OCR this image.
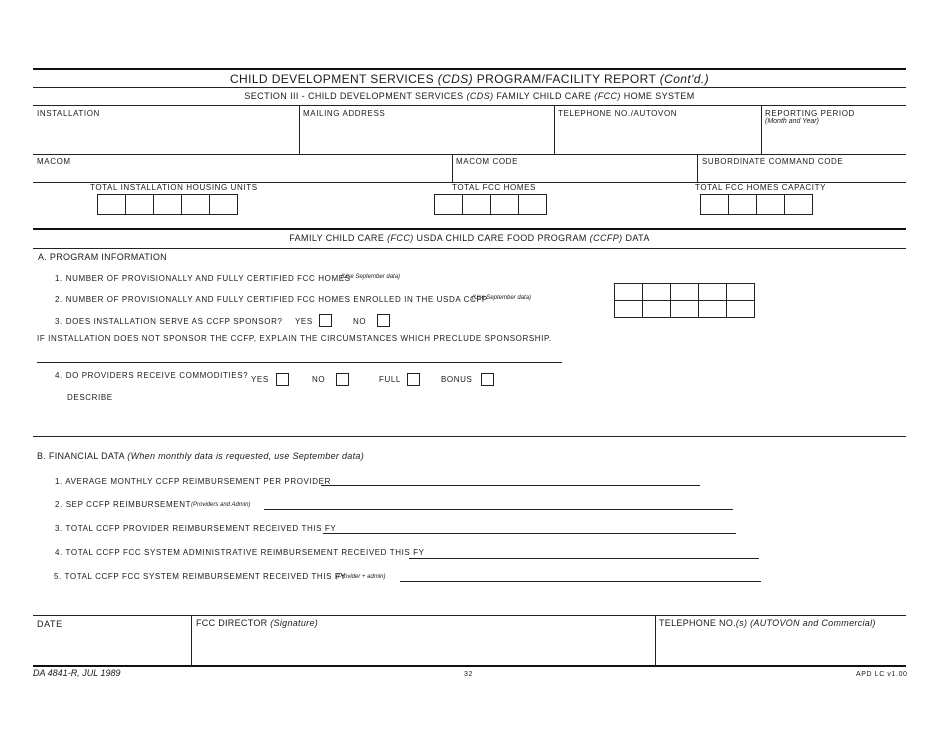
CHILD DEVELOPMENT SERVICES (CDS) PROGRAM/FACILITY REPORT (Cont'd.)
SECTION III - CHILD DEVELOPMENT SERVICES (CDS) FAMILY CHILD CARE (FCC) HOME SYSTEM
INSTALLATION	MAILING ADDRESS	TELEPHONE NO./AUTOVON	REPORTING PERIOD
(Month and Year)
MACOM	MACOM CODE	SUBORDINATE COMMAND CODE
TOTAL INSTALLATION HOUSING UNITS	TOTAL FCC HOMES	TOTAL FCC HOMES CAPACITY
FAMILY CHILD CARE (FCC) USDA CHILD CARE FOOD PROGRAM (CCFP) DATA
A. PROGRAM INFORMATION
1. NUMBER OF PROVISIONALLY AND FULLY CERTIFIED FCC HOMES
(Use September data)
2. NUMBER OF PROVISIONALLY AND FULLY CERTIFIED FCC HOMES ENROLLED IN THE USDA CCFP
(Use September data)
3. DOES INSTALLATION SERVE AS CCFP SPONSOR? YES	NO
IF INSTALLATION DOES NOT SPONSOR THE CCFP, EXPLAIN THE CIRCUMSTANCES WHICH PRECLUDE SPONSORSHIP.
4. DO PROVIDERS RECEIVE COMMODITIES? YES	NO	FULL	BONUS
DESCRIBE
B. FINANCIAL DATA (When monthly data is requested, use September data)
1. AVERAGE MONTHLY CCFP REIMBURSEMENT PER PROVIDER
2. SEP CCFP REIMBURSEMENT (Providers and Admin)
3. TOTAL CCFP PROVIDER REIMBURSEMENT RECEIVED THIS FY
4. TOTAL CCFP FCC SYSTEM ADMINISTRATIVE REIMBURSEMENT RECEIVED THIS FY
5. TOTAL CCFP FCC SYSTEM REIMBURSEMENT RECEIVED THIS FY
(Provider + admin)
DATE	FCC DIRECTOR (Signature)	TELEPHONE NO.(s) (AUTOVON and Commercial)
DA 4841-R, JUL 1989	32	APD LC v1.00
